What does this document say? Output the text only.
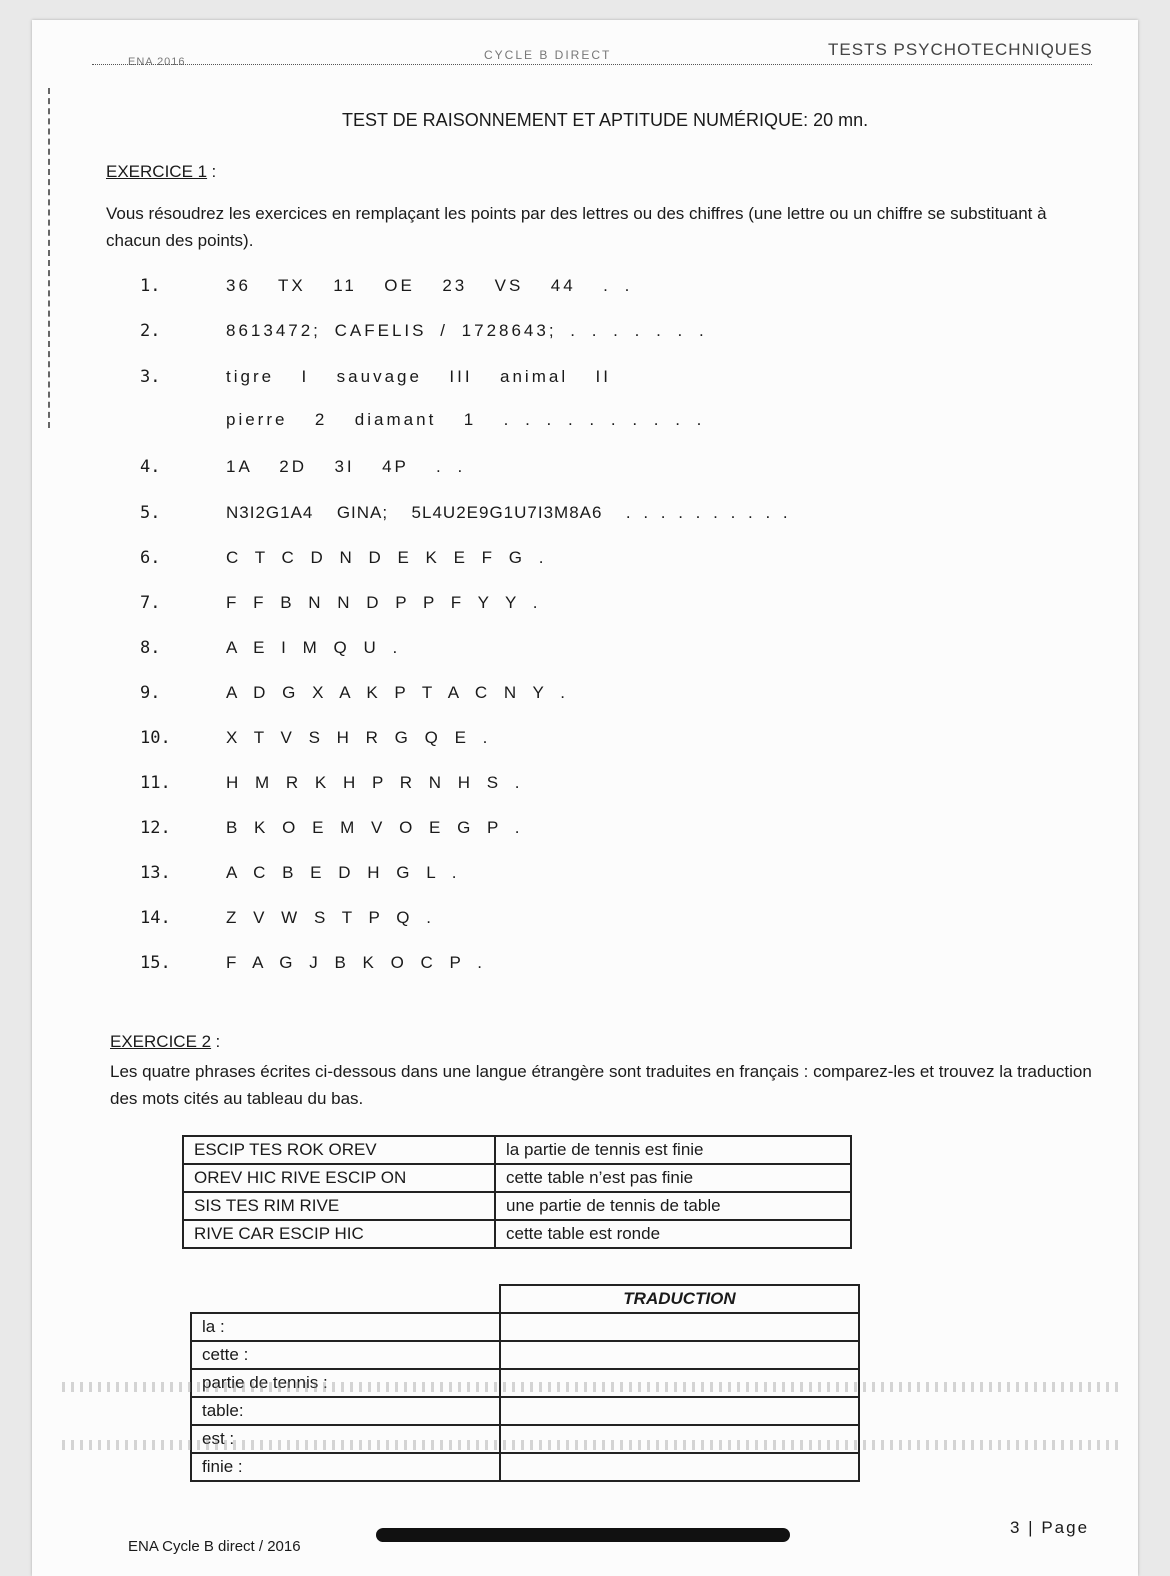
ENA 2016	CYCLE B DIRECT	TESTS PSYCHOTECHNIQUES
TEST DE RAISONNEMENT ET APTITUDE NUMÉRIQUE: 20 mn.
EXERCICE 1 :
Vous résoudrez les exercices en remplaçant les points par des lettres ou des chiffres (une lettre ou un chiffre se substituant à chacun des points).
1.	36  TX  11  OE  23  VS  44  . .
2.	8613472; CAFELIS / 1728643; . . . . . . .
3.	tigre  I  sauvage  III  animal  II
pierre  2  diamant  1  . . . . . . . . . .
4.	1A  2D  3I  4P  . .
5.	N3I2G1A4  GINA;  5L4U2E9G1U7I3M8A6  . . . . . . . . . .
6.	C T C D N D E K E F G .
7.	F F B N N D P P F Y Y .
8.	A E I M Q U .
9.	A D G X A K P T A C N Y .
10.	X T V S H R G Q E .
11.	H M R K H P R N H S .
12.	B K O E M V O E G P .
13.	A C B E D H G L .
14.	Z V W S T P Q .
15.	F A G J B K O C P .
EXERCICE 2 :
Les quatre phrases écrites ci-dessous dans une langue étrangère sont traduites en français : comparez-les et trouvez la traduction des mots cités au tableau du bas.
ESCIP TES ROK OREV	la partie de tennis est finie
OREV HIC RIVE ESCIP ON	cette table n’est pas finie
SIS TES RIM RIVE	une partie de tennis de table
RIVE CAR ESCIP HIC	cette table est ronde
	TRADUCTION
la :	
cette :	
partie de tennis :	
table:	
est :	
finie :	
ENA Cycle B direct / 2016
3 | Page
